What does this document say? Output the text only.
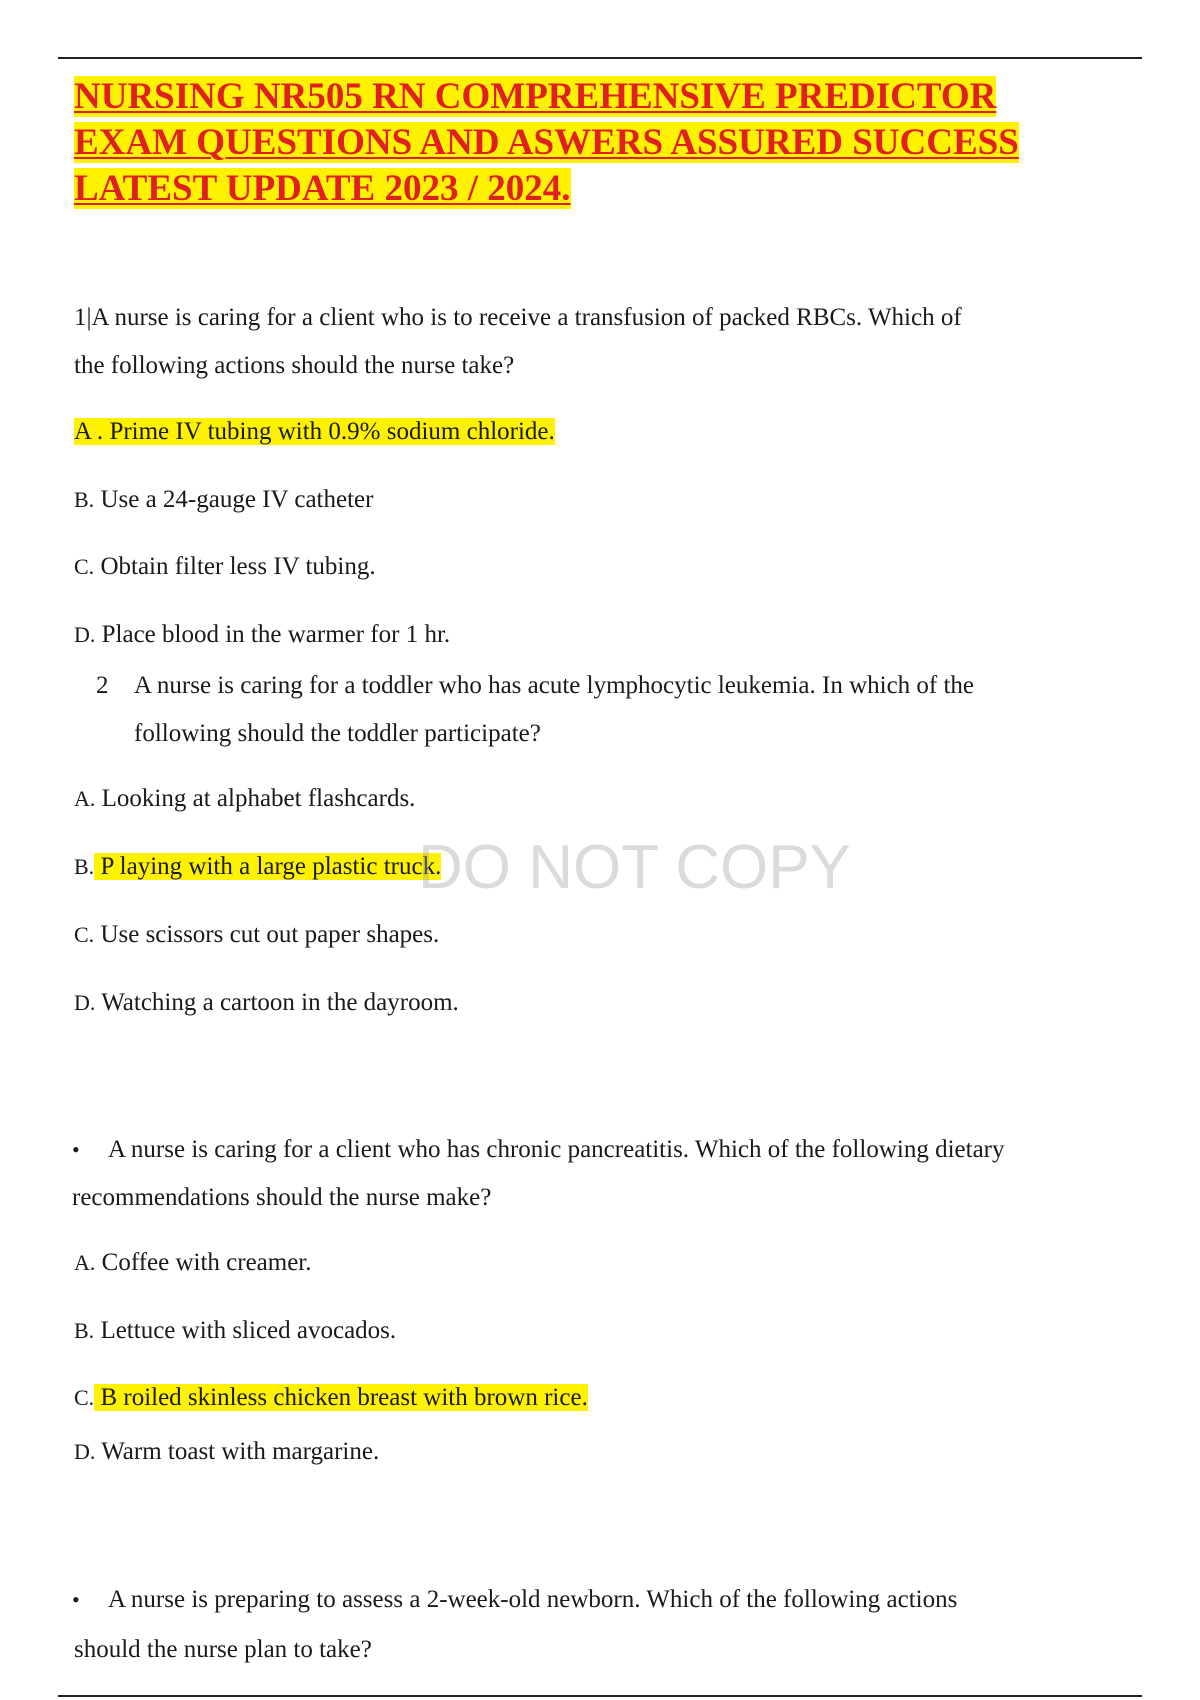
NURSING NR505 RN COMPREHENSIVE PREDICTOR
EXAM QUESTIONS AND ASWERS ASSURED SUCCESS
LATEST UPDATE 2023 / 2024.

1|A nurse is caring for a client who is to receive a transfusion of packed RBCs. Which of

the following actions should the nurse take?

A . Prime IV tubing with 0.9% sodium chloride.

B. Use a 24-gauge IV catheter

C. Obtain filter less IV tubing.

D. Place blood in the warmer for 1 hr.

2 A nurse is caring for a toddler who has acute lymphocytic leukemia. In which of the

following should the toddler participate?

A. Looking at alphabet flashcards.

B. P laying with a large plastic truck.

C. Use scissors cut out paper shapes.

D. Watching a cartoon in the dayroom.

• A nurse is caring for a client who has chronic pancreatitis. Which of the following dietary

recommendations should the nurse make?

A. Coffee with creamer.

B. Lettuce with sliced avocados.

C. B roiled skinless chicken breast with brown rice.

D. Warm toast with margarine.

• A nurse is preparing to assess a 2-week-old newborn. Which of the following actions

should the nurse plan to take?

DO NOT COPY
